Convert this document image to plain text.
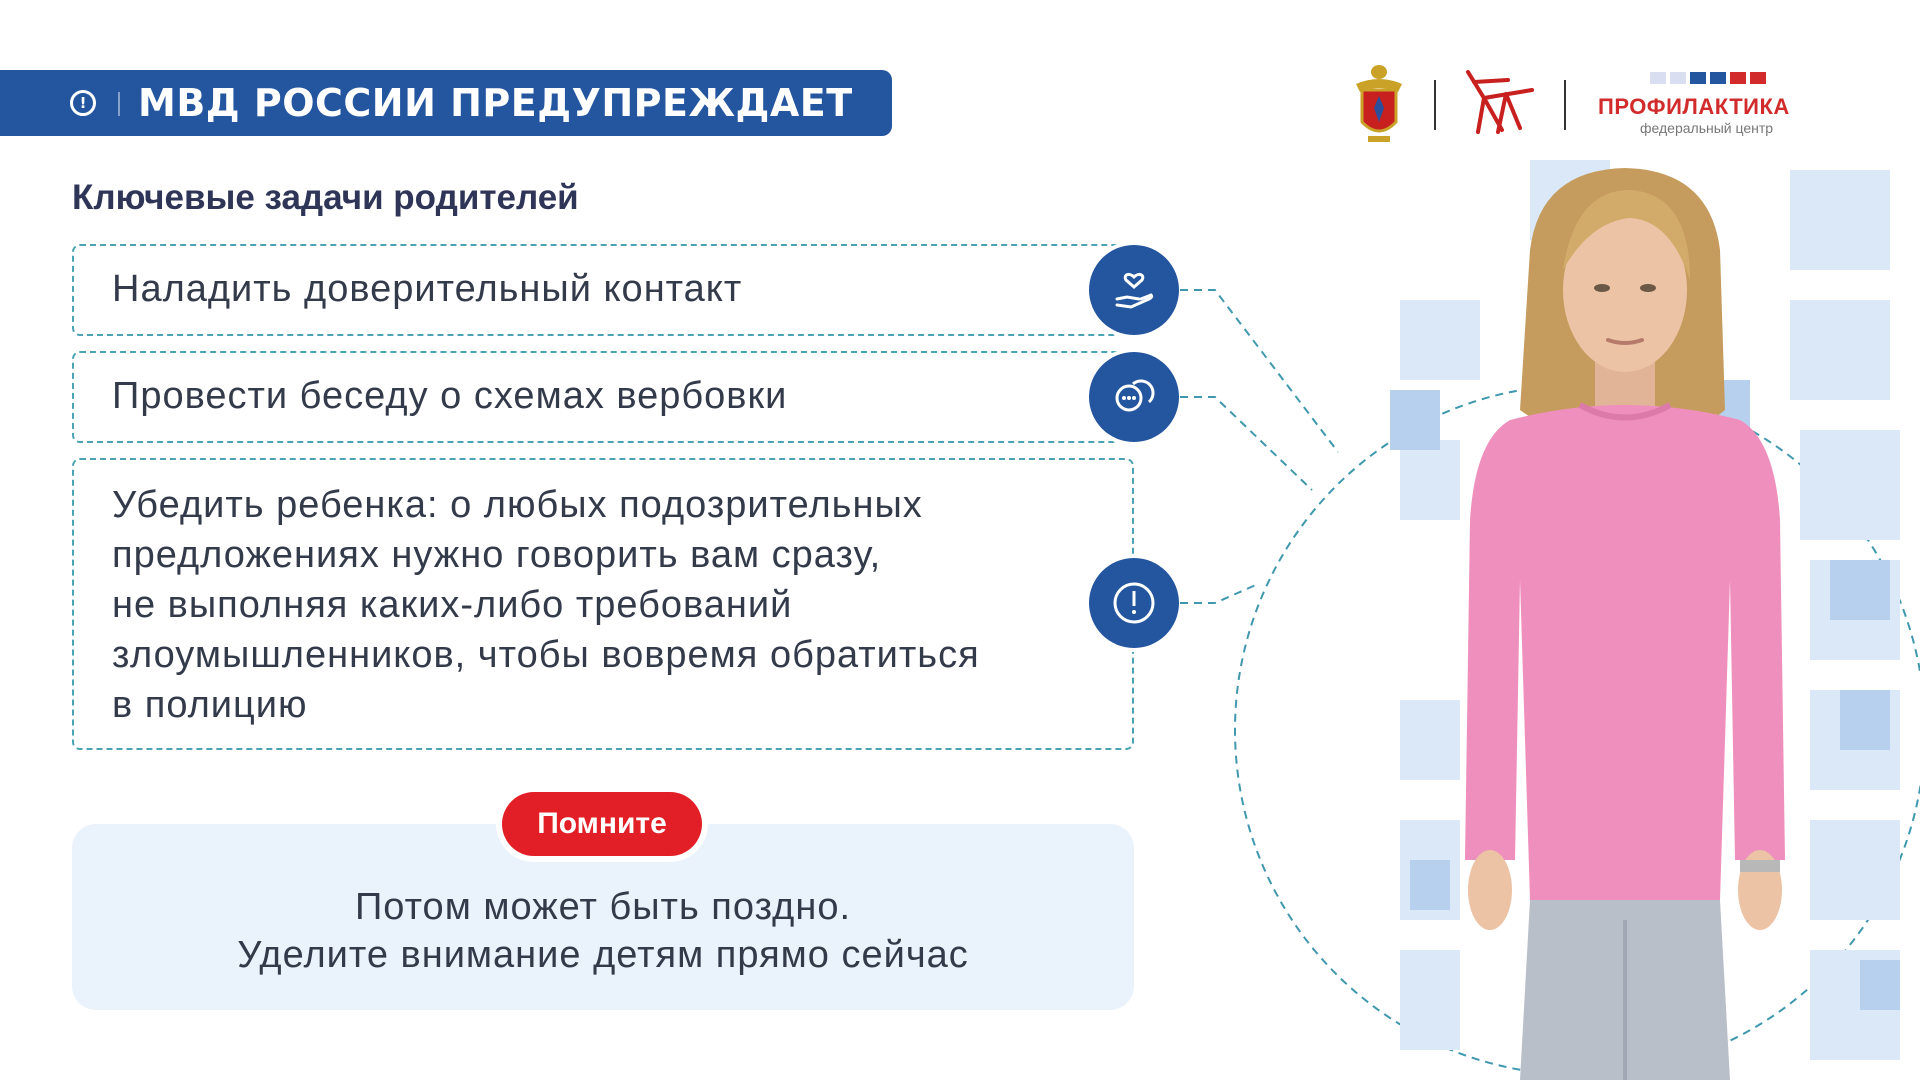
! МВД РОССИИ ПРЕДУПРЕЖДАЕТ	ПРОФИЛАКТИКА
федеральный центр
Ключевые задачи родителей
Наладить доверительный контакт
Провести беседу о схемах вербовки

Убедить ребенка: о любых подозрительных

предложениях нужно говорить вам сразу,

не выполняя каких-либо требований

злоумышленников, чтобы вовремя обратиться

в полицию

Потом может быть поздно.
Уделите внимание детям прямо сейчас
Помните
